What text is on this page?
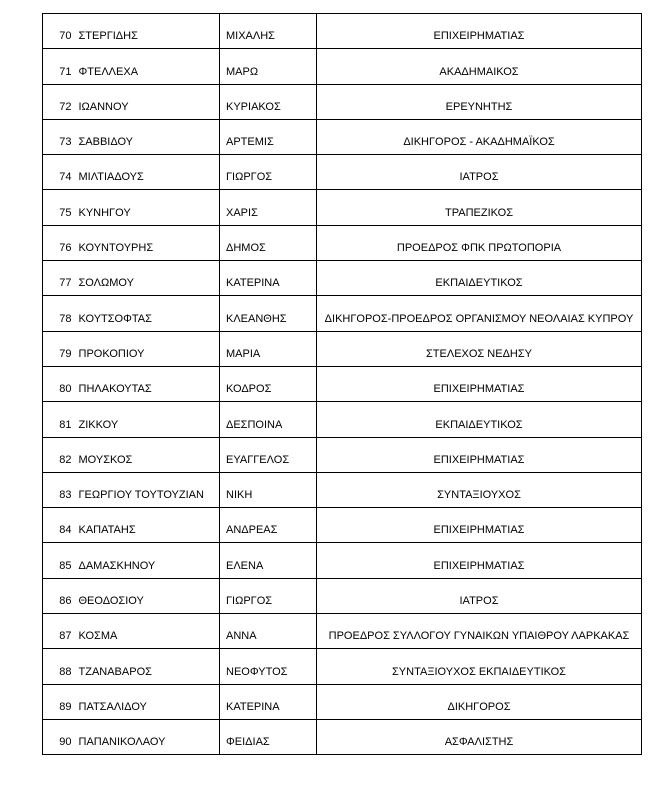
70	ΣΤΕΡΓΙΔΗΣ	ΜΙΧΑΛΗΣ	ΕΠΙΧΕΙΡΗΜΑΤΙΑΣ
71	ΦΤΕΛΛΕΧΑ	ΜΑΡΩ	ΑΚΑΔΗΜΑΙΚΟΣ
72	ΙΩΑΝΝΟΥ	ΚΥΡΙΑΚΟΣ	ΕΡΕΥΝΗΤΗΣ
73	ΣΑΒΒΙΔΟΥ	ΑΡΤΕΜΙΣ	ΔΙΚΗΓΟΡΟΣ - ΑΚΑΔΗΜΑΪΚΟΣ
74	ΜΙΛΤΙΑΔΟΥΣ	ΓΙΩΡΓΟΣ	ΙΑΤΡΟΣ
75	ΚΥΝΗΓΟΥ	ΧΑΡΙΣ	ΤΡΑΠΕΖΙΚΟΣ
76	ΚΟΥΝΤΟΥΡΗΣ	ΔΗΜΟΣ	ΠΡΟΕΔΡΟΣ ΦΠΚ ΠΡΩΤΟΠΟΡΙΑ
77	ΣΟΛΩΜΟΥ	ΚΑΤΕΡΙΝΑ	ΕΚΠΑΙΔΕΥΤΙΚΟΣ
78	ΚΟΥΤΣΟΦΤΑΣ	ΚΛΕΑΝΘΗΣ	ΔΙΚΗΓΟΡΟΣ-ΠΡΟΕΔΡΟΣ ΟΡΓΑΝΙΣΜΟΥ ΝΕΟΛΑΙΑΣ ΚΥΠΡΟΥ
79	ΠΡΟΚΟΠΙΟΥ	ΜΑΡΙΑ	ΣΤΕΛΕΧΟΣ ΝΕΔΗΣΥ
80	ΠΗΛΑΚΟΥΤΑΣ	ΚΟΔΡΟΣ	ΕΠΙΧΕΙΡΗΜΑΤΙΑΣ
81	ΖΙΚΚΟΥ	ΔΕΣΠΟΙΝΑ	ΕΚΠΑΙΔΕΥΤΙΚΟΣ
82	ΜΟΥΣΚΟΣ	ΕΥΑΓΓΕΛΟΣ	ΕΠΙΧΕΙΡΗΜΑΤΙΑΣ
83	ΓΕΩΡΓΙΟΥ ΤΟΥΤΟΥΖΙΑΝ	ΝΙΚΗ	ΣΥΝΤΑΞΙΟΥΧΟΣ
84	ΚΑΠΑΤΑΗΣ	ΑΝΔΡΕΑΣ	ΕΠΙΧΕΙΡΗΜΑΤΙΑΣ
85	ΔΑΜΑΣΚΗΝΟΥ	ΕΛΕΝΑ	ΕΠΙΧΕΙΡΗΜΑΤΙΑΣ
86	ΘΕΟΔΟΣΙΟΥ	ΓΙΩΡΓΟΣ	ΙΑΤΡΟΣ
87	ΚΟΣΜΑ	ΑΝΝΑ	ΠΡΟΕΔΡΟΣ ΣΥΛΛΟΓΟΥ ΓΥΝΑΙΚΩΝ ΥΠΑΙΘΡΟΥ ΛΑΡΚΑΚΑΣ
88	ΤΖΑΝΑΒΑΡΟΣ	ΝΕΟΦΥΤΟΣ	ΣΥΝΤΑΞΙΟΥΧΟΣ ΕΚΠΑΙΔΕΥΤΙΚΟΣ
89	ΠΑΤΣΑΛΙΔΟΥ	ΚΑΤΕΡΙΝΑ	ΔΙΚΗΓΟΡΟΣ
90	ΠΑΠΑΝΙΚΟΛΑΟΥ	ΦΕΙΔΙΑΣ	ΑΣΦΑΛΙΣΤΗΣ
